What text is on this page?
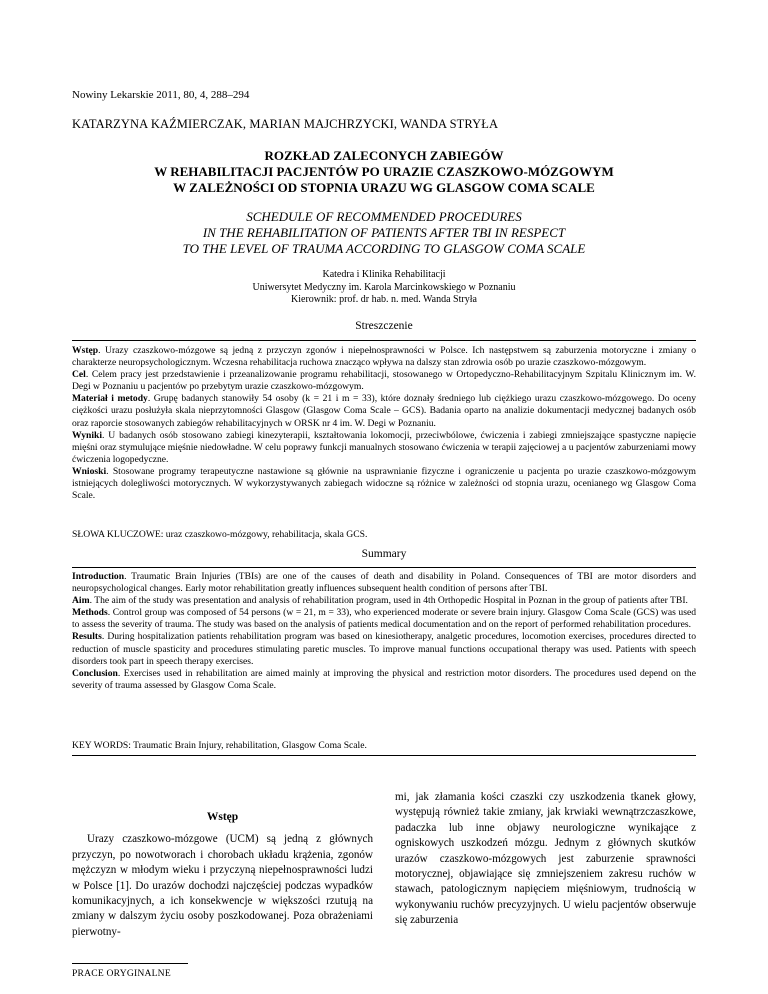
Nowiny Lekarskie 2011, 80, 4, 288–294
KATARZYNA KAŹMIERCZAK, MARIAN MAJCHRZYCKI, WANDA STRYŁA
ROZKŁAD ZALECONYCH ZABIEGÓW
W REHABILITACJI PACJENTÓW PO URAZIE CZASZKOWO-MÓZGOWYM
W ZALEŻNOŚCI OD STOPNIA URAZU WG GLASGOW COMA SCALE
SCHEDULE OF RECOMMENDED PROCEDURES
IN THE REHABILITATION OF PATIENTS AFTER TBI IN RESPECT
TO THE LEVEL OF TRAUMA ACCORDING TO GLASGOW COMA SCALE
Katedra i Klinika Rehabilitacji
Uniwersytet Medyczny im. Karola Marcinkowskiego w Poznaniu
Kierownik: prof. dr hab. n. med. Wanda Stryła
Streszczenie

Wstęp. Urazy czaszkowo-mózgowe są jedną z przyczyn zgonów i niepełnosprawności w Polsce. Ich następstwem są zaburzenia motoryczne i zmiany o charakterze neuropsychologicznym. Wczesna rehabilitacja ruchowa znacząco wpływa na dalszy stan zdrowia osób po urazie czaszkowo-mózgowym.

Cel. Celem pracy jest przedstawienie i przeanalizowanie programu rehabilitacji, stosowanego w Ortopedyczno-Rehabilitacyjnym Szpitalu Klinicznym im. W. Degi w Poznaniu u pacjentów po przebytym urazie czaszkowo-mózgowym.

Materiał i metody. Grupę badanych stanowiły 54 osoby (k = 21 i m = 33), które doznały średniego lub ciężkiego urazu czaszkowo-mózgowego. Do oceny ciężkości urazu posłużyła skala nieprzytomności Glasgow (Glasgow Coma Scale – GCS). Badania oparto na analizie dokumentacji medycznej badanych osób oraz raporcie stosowanych zabiegów rehabilitacyjnych w ORSK nr 4 im. W. Degi w Poznaniu.

Wyniki. U badanych osób stosowano zabiegi kinezyterapii, kształtowania lokomocji, przeciwbólowe, ćwiczenia i zabiegi zmniejszające spastyczne napięcie mięśni oraz stymulujące mięśnie niedowładne. W celu poprawy funkcji manualnych stosowano ćwiczenia w terapii zajęciowej a u pacjentów zaburzeniami mowy ćwiczenia logopedyczne.

Wnioski. Stosowane programy terapeutyczne nastawione są głównie na usprawnianie fizyczne i ograniczenie u pacjenta po urazie czaszkowo-mózgowym istniejących dolegliwości motorycznych. W wykorzystywanych zabiegach widoczne są różnice w zależności od stopnia urazu, ocenianego wg Glasgow Coma Scale.

SŁOWA KLUCZOWE: uraz czaszkowo-mózgowy, rehabilitacja, skala GCS.
Summary

Introduction. Traumatic Brain Injuries (TBIs) are one of the causes of death and disability in Poland. Consequences of TBI are motor disorders and neuropsychological changes. Early motor rehabilitation greatly influences subsequent health condition of persons after TBI.

Aim. The aim of the study was presentation and analysis of rehabilitation program, used in 4th Orthopedic Hospital in Poznan in the group of patients after TBI.

Methods. Control group was composed of 54 persons (w = 21, m = 33), who experienced moderate or severe brain injury. Glasgow Coma Scale (GCS) was used to assess the severity of trauma. The study was based on the analysis of patients medical documentation and on the report of performed rehabilitation procedures.

Results. During hospitalization patients rehabilitation program was based on kinesiotherapy, analgetic procedures, locomotion exercises, procedures directed to reduction of muscle spasticity and procedures stimulating paretic muscles. To improve manual functions occupational therapy was used. Patients with speech disorders took part in speech therapy exercises.

Conclusion. Exercises used in rehabilitation are aimed mainly at improving the physical and restriction motor disorders. The procedures used depend on the severity of trauma assessed by Glasgow Coma Scale.

KEY WORDS: Traumatic Brain Injury, rehabilitation, Glasgow Coma Scale.
Wstęp

Urazy czaszkowo-mózgowe (UCM) są jedną z głównych przyczyn, po nowotworach i chorobach układu krążenia, zgonów mężczyzn w młodym wieku i przyczyną niepełnosprawności ludzi w Polsce [1]. Do urazów dochodzi najczęściej podczas wypadków komunikacyjnych, a ich konsekwencje w większości rzutują na zmiany w dalszym życiu osoby poszkodowanej. Poza obrażeniami pierwotny-

mi, jak złamania kości czaszki czy uszkodzenia tkanek głowy, występują również takie zmiany, jak krwiaki wewnątrzczaszkowe, padaczka lub inne objawy neurologiczne wynikające z ogniskowych uszkodzeń mózgu. Jednym z głównych skutków urazów czaszkowo-mózgowych jest zaburzenie sprawności motorycznej, objawiające się zmniejszeniem zakresu ruchów w stawach, patologicznym napięciem mięśniowym, trudnością w wykonywaniu ruchów precyzyjnych. U wielu pacjentów obserwuje się zaburzenia

PRACE ORYGINALNE
